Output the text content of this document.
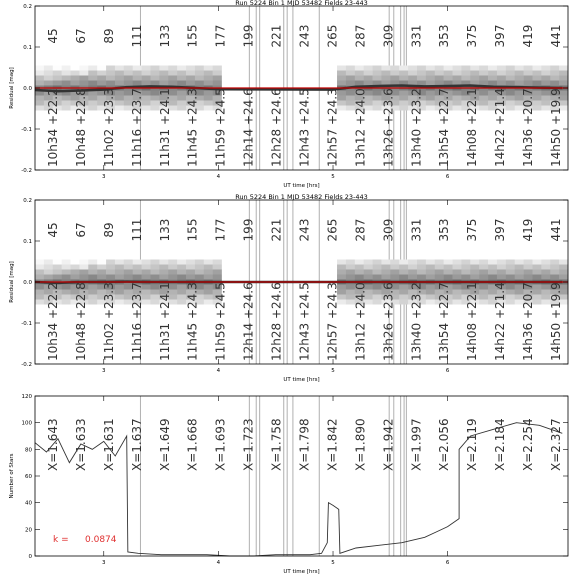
Run 5224 Bin 1 MJD 53482 Fields 23-443
45 67 89 111 133 155 177 199 221 243 265 287 309 331 353 375 397 419 441
10h34 +22.2 10h48 +22.8 11h02 +23.3 11h16 +23.7 11h31 +24.1 11h45 +24.3 11h59 +24.5 12h14 +24.6 12h28 +24.6 12h43 +24.5 12h57 +24.3 13h12 +24.0 13h26 +23.6 13h40 +23.2 13h54 +22.7 14h08 +22.1 14h22 +21.4 14h36 +20.7 14h50 +19.9
3	4	5	6
0.2
0.1
0.0
-0.1
-0.2
UT time [hrs]
Residual [mag]
Run 5224 Bin 1 MJD 53482 Fields 23-443
45 67 89 111 133 155 177 199 221 243 265 287 309 331 353 375 397 419 441
10h34 +22.2 10h48 +22.8 11h02 +23.3 11h16 +23.7 11h31 +24.1 11h45 +24.3 11h59 +24.5 12h14 +24.6 12h28 +24.6 12h43 +24.5 12h57 +24.3 13h12 +24.0 13h26 +23.6 13h40 +23.2 13h54 +22.7 14h08 +22.1 14h22 +21.4 14h36 +20.7 14h50 +19.9
3	4	5	6
0.2
0.1
0.0
-0.1
-0.2
UT time [hrs]
Residual [mag]
X=1.643 X=1.633 X=1.631 X=1.637 X=1.649 X=1.668 X=1.693 X=1.723 X=1.758 X=1.798 X=1.842 X=1.890 X=1.942 X=1.997 X=2.056 X=2.119 X=2.184 X=2.254 X=2.327
k = 0.0874
3	4	5	6
0
20
40
60
80
100
120
UT time [hrs]
Number of Stars
